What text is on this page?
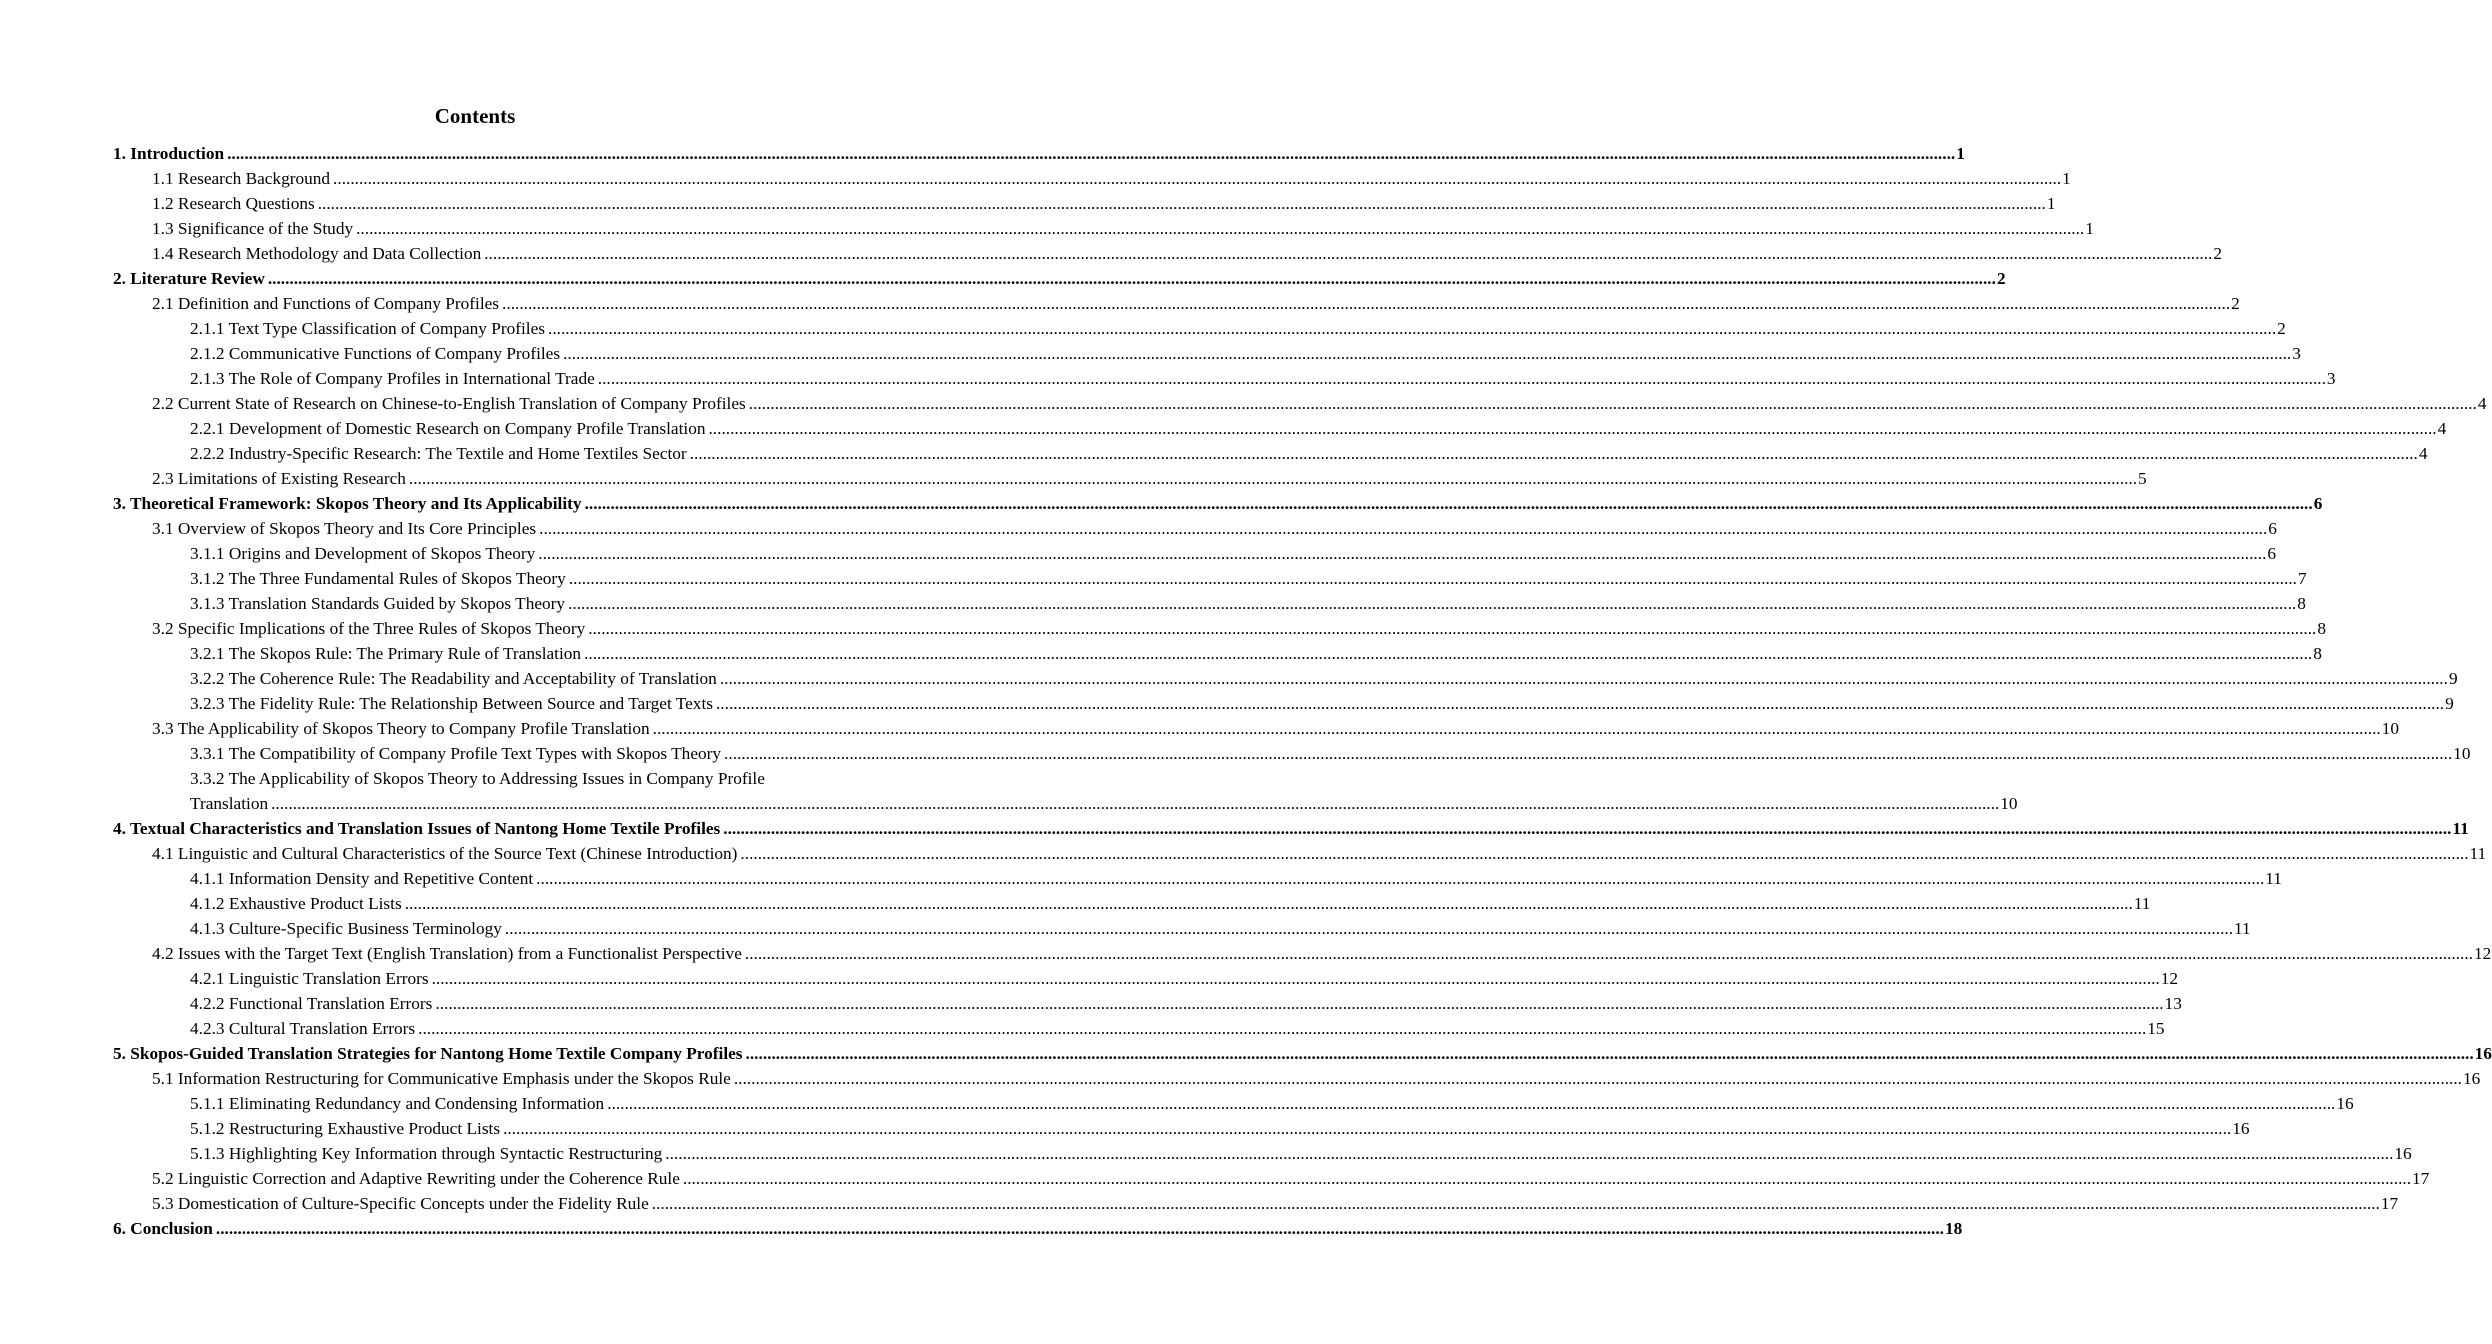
Contents
1. Introduction ................................................................................................................................................................................................................................................................................................................................................................................................................ 1
1.1 Research Background ................................................................................................................................................................................................................................................................................................................................................................................................................ 1
1.2 Research Questions ................................................................................................................................................................................................................................................................................................................................................................................................................ 1
1.3 Significance of the Study ................................................................................................................................................................................................................................................................................................................................................................................................................ 1
1.4 Research Methodology and Data Collection ................................................................................................................................................................................................................................................................................................................................................................................................................ 2
2. Literature Review ................................................................................................................................................................................................................................................................................................................................................................................................................ 2
2.1 Definition and Functions of Company Profiles ................................................................................................................................................................................................................................................................................................................................................................................................................ 2
2.1.1 Text Type Classification of Company Profiles ................................................................................................................................................................................................................................................................................................................................................................................................................ 2
2.1.2 Communicative Functions of Company Profiles ................................................................................................................................................................................................................................................................................................................................................................................................................ 3
2.1.3 The Role of Company Profiles in International Trade ................................................................................................................................................................................................................................................................................................................................................................................................................ 3
2.2 Current State of Research on Chinese-to-English Translation of Company Profiles ................................................................................................................................................................................................................................................................................................................................................................................................................ 4
2.2.1 Development of Domestic Research on Company Profile Translation ................................................................................................................................................................................................................................................................................................................................................................................................................ 4
2.2.2 Industry-Specific Research: The Textile and Home Textiles Sector ................................................................................................................................................................................................................................................................................................................................................................................................................ 4
2.3 Limitations of Existing Research ................................................................................................................................................................................................................................................................................................................................................................................................................ 5
3. Theoretical Framework: Skopos Theory and Its Applicability ................................................................................................................................................................................................................................................................................................................................................................................................................ 6
3.1 Overview of Skopos Theory and Its Core Principles ................................................................................................................................................................................................................................................................................................................................................................................................................ 6
3.1.1 Origins and Development of Skopos Theory ................................................................................................................................................................................................................................................................................................................................................................................................................ 6
3.1.2 The Three Fundamental Rules of Skopos Theory ................................................................................................................................................................................................................................................................................................................................................................................................................ 7
3.1.3 Translation Standards Guided by Skopos Theory ................................................................................................................................................................................................................................................................................................................................................................................................................ 8
3.2 Specific Implications of the Three Rules of Skopos Theory ................................................................................................................................................................................................................................................................................................................................................................................................................ 8
3.2.1 The Skopos Rule: The Primary Rule of Translation ................................................................................................................................................................................................................................................................................................................................................................................................................ 8
3.2.2 The Coherence Rule: The Readability and Acceptability of Translation ................................................................................................................................................................................................................................................................................................................................................................................................................ 9
3.2.3 The Fidelity Rule: The Relationship Between Source and Target Texts ................................................................................................................................................................................................................................................................................................................................................................................................................ 9
3.3 The Applicability of Skopos Theory to Company Profile Translation ................................................................................................................................................................................................................................................................................................................................................................................................................ 10
3.3.1 The Compatibility of Company Profile Text Types with Skopos Theory ................................................................................................................................................................................................................................................................................................................................................................................................................ 10
3.3.2 The Applicability of Skopos Theory to Addressing Issues in Company Profile
Translation ................................................................................................................................................................................................................................................................................................................................................................................................................ 10
4. Textual Characteristics and Translation Issues of Nantong Home Textile Profiles ................................................................................................................................................................................................................................................................................................................................................................................................................ 11
4.1 Linguistic and Cultural Characteristics of the Source Text (Chinese Introduction) ................................................................................................................................................................................................................................................................................................................................................................................................................ 11
4.1.1 Information Density and Repetitive Content ................................................................................................................................................................................................................................................................................................................................................................................................................ 11
4.1.2 Exhaustive Product Lists ................................................................................................................................................................................................................................................................................................................................................................................................................ 11
4.1.3 Culture-Specific Business Terminology ................................................................................................................................................................................................................................................................................................................................................................................................................ 11
4.2 Issues with the Target Text (English Translation) from a Functionalist Perspective ................................................................................................................................................................................................................................................................................................................................................................................................................ 12
4.2.1 Linguistic Translation Errors ................................................................................................................................................................................................................................................................................................................................................................................................................ 12
4.2.2 Functional Translation Errors ................................................................................................................................................................................................................................................................................................................................................................................................................ 13
4.2.3 Cultural Translation Errors ................................................................................................................................................................................................................................................................................................................................................................................................................ 15
5. Skopos-Guided Translation Strategies for Nantong Home Textile Company Profiles ................................................................................................................................................................................................................................................................................................................................................................................................................ 16
5.1 Information Restructuring for Communicative Emphasis under the Skopos Rule ................................................................................................................................................................................................................................................................................................................................................................................................................ 16
5.1.1 Eliminating Redundancy and Condensing Information ................................................................................................................................................................................................................................................................................................................................................................................................................ 16
5.1.2 Restructuring Exhaustive Product Lists ................................................................................................................................................................................................................................................................................................................................................................................................................ 16
5.1.3 Highlighting Key Information through Syntactic Restructuring ................................................................................................................................................................................................................................................................................................................................................................................................................ 16
5.2 Linguistic Correction and Adaptive Rewriting under the Coherence Rule ................................................................................................................................................................................................................................................................................................................................................................................................................ 17
5.3 Domestication of Culture-Specific Concepts under the Fidelity Rule ................................................................................................................................................................................................................................................................................................................................................................................................................ 17
6. Conclusion ................................................................................................................................................................................................................................................................................................................................................................................................................ 18
